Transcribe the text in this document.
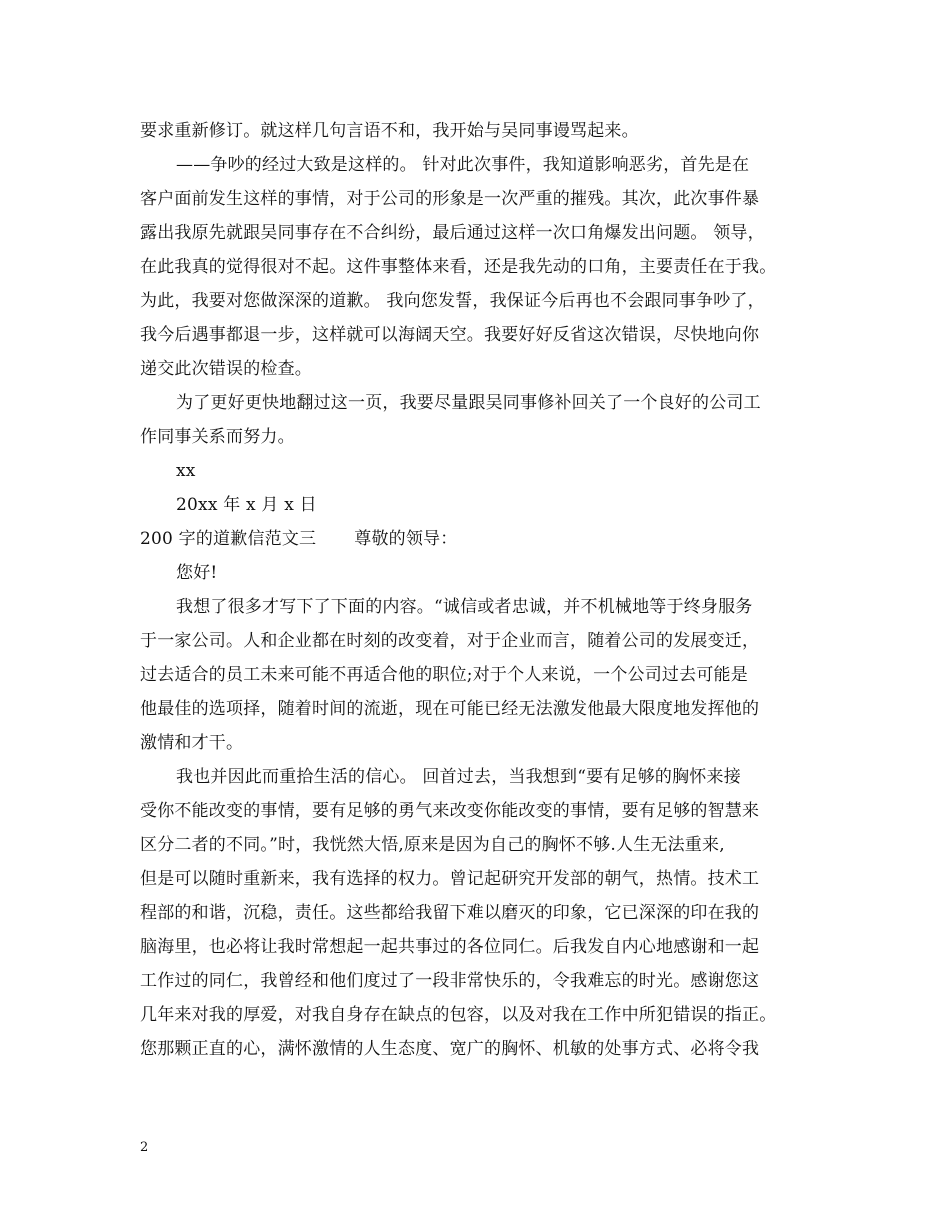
要求重新修订。就这样几句言语不和，我开始与吴同事谩骂起来。
——争吵的经过大致是这样的。 针对此次事件，我知道影响恶劣，首先是在
客户面前发生这样的事情，对于公司的形象是一次严重的摧残。其次，此次事件暴
露出我原先就跟吴同事存在不合纠纷，最后通过这样一次口角爆发出问题。 领导，
在此我真的觉得很对不起。这件事整体来看，还是我先动的口角，主要责任在于我。
为此，我要对您做深深的道歉。 我向您发誓，我保证今后再也不会跟同事争吵了，
我今后遇事都退一步，这样就可以海阔天空。我要好好反省这次错误，尽快地向你
递交此次错误的检查。
为了更好更快地翻过这一页，我要尽量跟吴同事修补回关了一个良好的公司工
作同事关系而努力。
xx
20xx 年 x 月 x 日
200 字的道歉信范文三 尊敬的领导：
您好!
我想了很多才写下了下面的内容。“诚信或者忠诚，并不机械地等于终身服务
于一家公司。人和企业都在时刻的改变着，对于企业而言，随着公司的发展变迁，
过去适合的员工未来可能不再适合他的职位;对于个人来说，一个公司过去可能是
他最佳的选项择，随着时间的流逝，现在可能已经无法激发他最大限度地发挥他的
激情和才干。
我也并因此而重拾生活的信心。 回首过去，当我想到“要有足够的胸怀来接
受你不能改变的事情，要有足够的勇气来改变你能改变的事情，要有足够的智慧来
区分二者的不同。”时，我恍然大悟,原来是因为自己的胸怀不够.人生无法重来,
但是可以随时重新来，我有选择的权力。曾记起研究开发部的朝气，热情。技术工
程部的和谐，沉稳，责任。这些都给我留下难以磨灭的印象，它已深深的印在我的
脑海里，也必将让我时常想起一起共事过的各位同仁。后我发自内心地感谢和一起
工作过的同仁，我曾经和他们度过了一段非常快乐的，令我难忘的时光。感谢您这
几年来对我的厚爱，对我自身存在缺点的包容，以及对我在工作中所犯错误的指正。
您那颗正直的心，满怀激情的人生态度、宽广的胸怀、机敏的处事方式、必将令我
2
